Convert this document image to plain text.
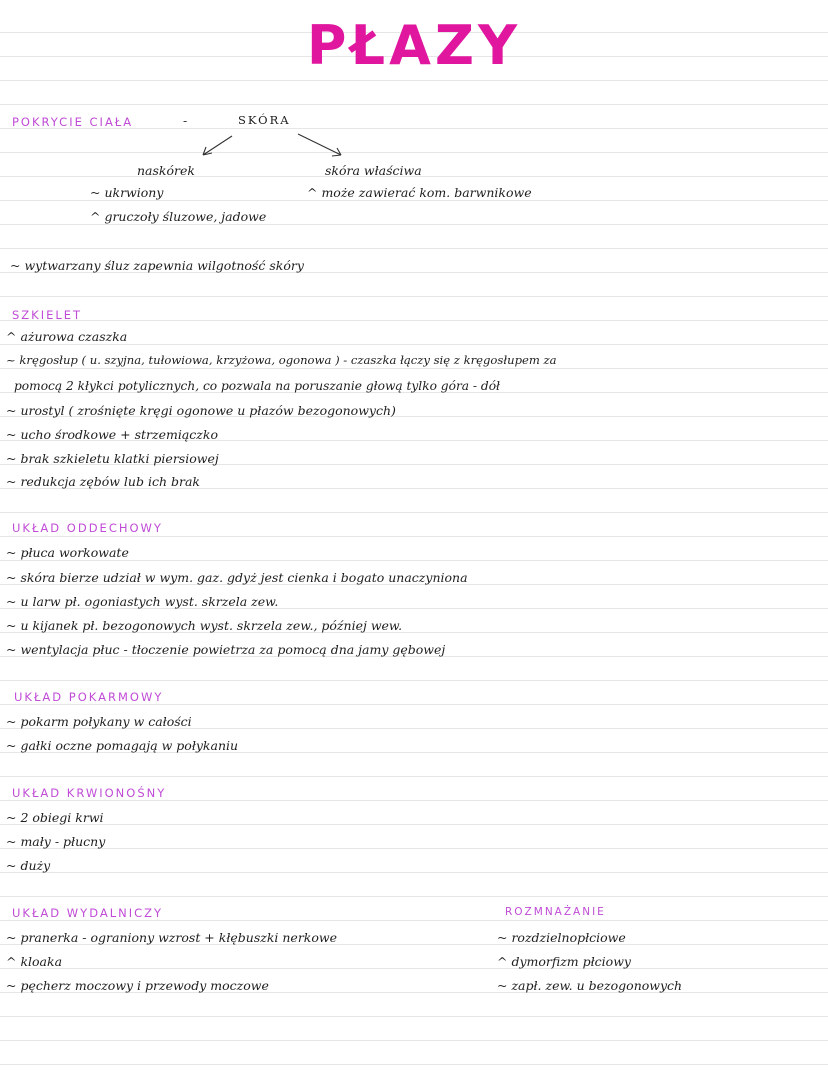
PŁAZY
POKRYCIE CIAŁA	-	SKÓRA
naskórek	skóra właściwa
~ ukrwiony
^ gruczoły śluzowe, jadowe
^ może zawierać kom. barwnikowe
~ wytwarzany śluz zapewnia wilgotność skóry
SZKIELET
^ ażurowa czaszka
~ kręgosłup ( u. szyjna, tułowiowa, krzyżowa, ogonowa ) - czaszka łączy się z kręgosłupem za
pomocą 2 kłykci potylicznych, co pozwala na poruszanie głową tylko góra - dół
~ urostyl ( zrośnięte kręgi ogonowe u płazów bezogonowych)
~ ucho środkowe + strzemiączko
~ brak szkieletu klatki piersiowej
~ redukcja zębów lub ich brak
UKŁAD ODDECHOWY
~ płuca workowate
~ skóra bierze udział w wym. gaz. gdyż jest cienka i bogato unaczyniona
~ u larw pł. ogoniastych wyst. skrzela zew.
~ u kijanek pł. bezogonowych wyst. skrzela zew., później wew.
~ wentylacja płuc - tłoczenie powietrza za pomocą dna jamy gębowej
UKŁAD POKARMOWY
~ pokarm połykany w całości
~ gałki oczne pomagają w połykaniu
UKŁAD KRWIONOŚNY
~ 2 obiegi krwi
~ mały - płucny
~ duży
UKŁAD WYDALNICZY
~ pranerka - ograniony wzrost + kłębuszki nerkowe
^ kloaka
~ pęcherz moczowy i przewody moczowe
ROZMNAŻANIE
~ rozdzielnopłciowe
^ dymorfizm płciowy
~ zapł. zew. u bezogonowych
